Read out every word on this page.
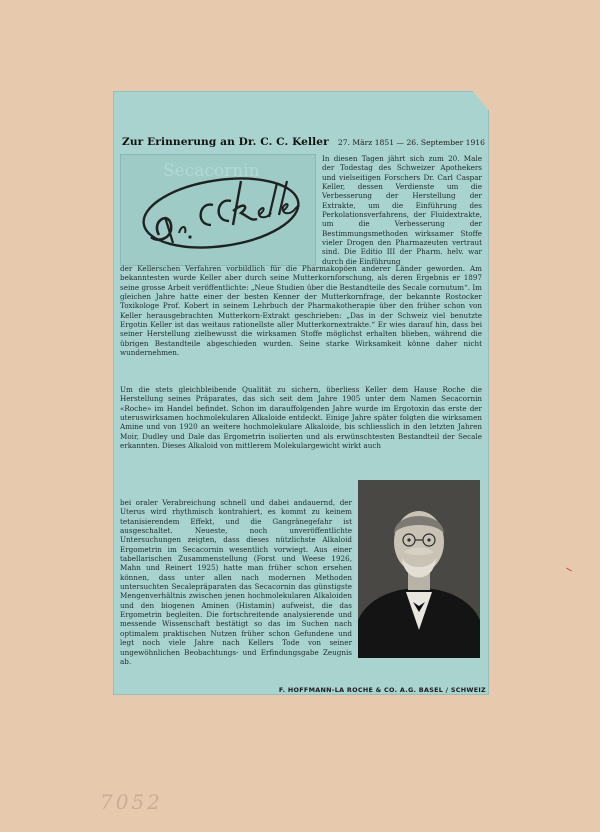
Zur Erinnerung an Dr. C. C. Keller 27. März 1851 — 26. September 1916
Secacornin
In diesen Tagen jährt sich zum 20. Male der Todestag des Schweizer Apothekers und vielseitigen Forschers Dr. Carl Caspar Keller, dessen Verdienste um die Verbesserung der Herstellung der Extrakte, um die Einführung des Perkolationsverfahrens, der Fluidextrakte, um die Verbesserung der Bestimmungsmethoden wirksamer Stoffe vieler Drogen den Pharmazeuten vertraut sind. Die Editio III der Pharm. helv. war durch die Einführung
der Kellerschen Verfahren vorbildlich für die Pharmakopöen anderer Länder geworden. Am bekanntesten wurde Keller aber durch seine Mutterkornforschung, als deren Ergebnis er 1897 seine grosse Arbeit veröffentlichte: „Neue Studien über die Bestandteile des Secale cornutum“. Im gleichen Jahre hatte einer der besten Kenner der Mutterkornfrage, der bekannte Rostocker Toxikologe Prof. Kobert in seinem Lehrbuch der Pharmakotherapie über den früher schon von Keller herausgebrachten Mutterkorn-Extrakt geschrieben: „Das in der Schweiz viel benutzte Ergotin Keller ist das weitaus rationellste aller Mutterkornextrakte.“ Er wies darauf hin, dass bei seiner Herstellung zielbewusst die wirksamen Stoffe möglichst erhalten blieben, während die übrigen Bestandteile abgeschieden wurden. Seine starke Wirksamkeit könne daher nicht wundernehmen.
Um die stets gleichbleibende Qualität zu sichern, überliess Keller dem Hause Roche die Herstellung seines Präparates, das sich seit dem Jahre 1905 unter dem Namen Secacornin «Roche» im Handel befindet. Schon im darauffolgenden Jahre wurde im Ergotoxin das erste der uteruswirksamen hochmolekularen Alkaloide entdeckt. Einige Jahre später folgten die wirksamen Amine und von 1920 an weitere hochmolekulare Alkaloide, bis schliesslich in den letzten Jahren Moir, Dudley und Dale das Ergometrin isolierten und als erwünschtesten Bestandteil der Secale erkannten. Dieses Alkaloid von mittlerem Molekulargewicht wirkt auch
bei oraler Verabreichung schnell und dabei andauernd, der Uterus wird rhythmisch kontrahiert, es kommt zu keinem tetanisierendem Effekt, und die Gangränegefahr ist ausgeschaltet. Neueste, noch unveröffentlichte Untersuchungen zeigten, dass dieses nützlichste Alkaloid Ergometrin im Secacornin wesentlich vorwiegt. Aus einer tabellarischen Zusammenstellung (Forst und Weese 1926, Mahn und Reinert 1925) hatte man früher schon ersehen können, dass unter allen nach modernen Methoden untersuchten Secalepräparaten das Secacornin das günstigste Mengenverhältnis zwischen jenen hochmolekularen Alkaloiden und den biogenen Aminen (Histamin) aufweist, die das Ergometrin begleiten. Die fortschreitende analysierende und messende Wissenschaft bestätigt so das im Suchen nach optimalem praktischen Nutzen früher schon Gefundene und legt noch viele Jahre nach Kellers Tode von seiner ungewöhnlichen Beobachtungs- und Erfindungsgabe Zeugnis ab.
F. HOFFMANN-LA ROCHE & CO. A.G. BASEL / SCHWEIZ
7052
